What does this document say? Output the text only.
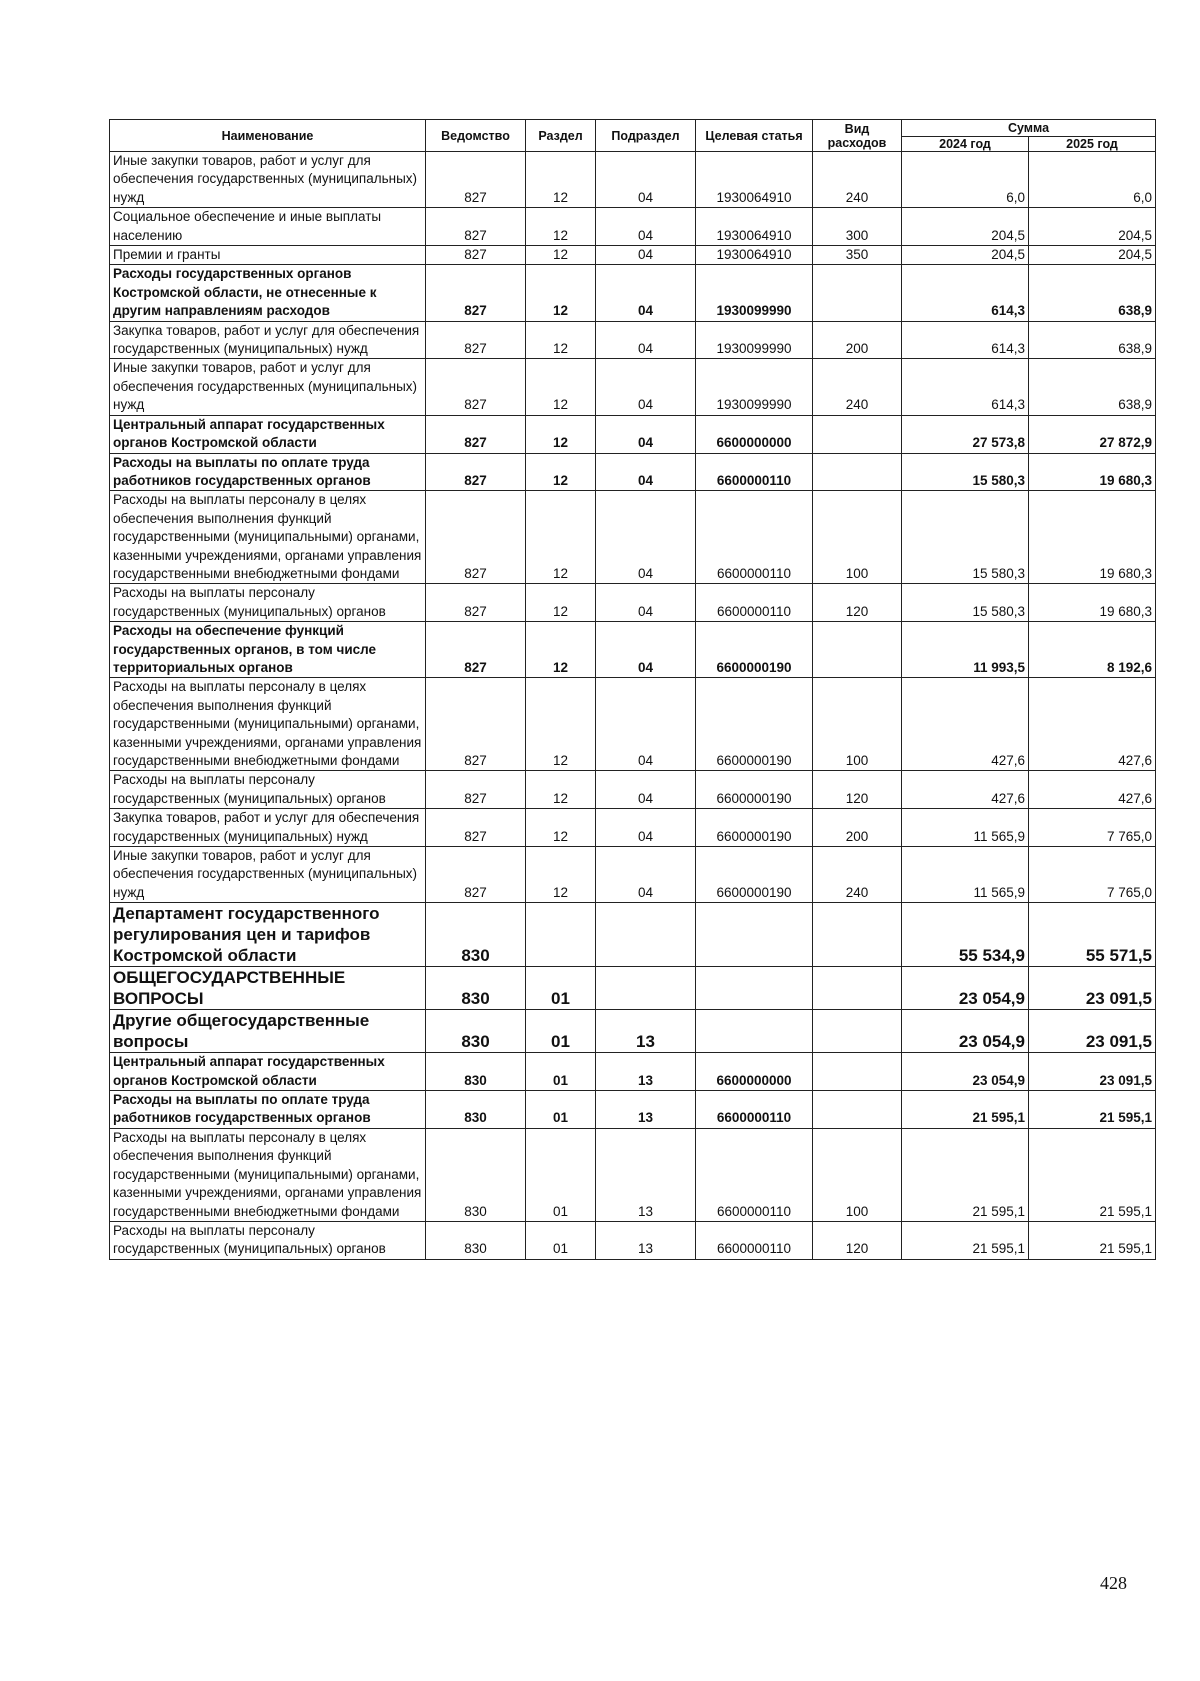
Наименование	Ведомство	Раздел	Подраздел	Целевая статья	Вид расходов	Сумма	
						2024 год	2025 год
Иные закупки товаров, работ и услуг для обеспечения государственных (муниципальных) нужд	827	12	04	1930064910	240	6,0	6,0
Социальное обеспечение и иные выплаты населению	827	12	04	1930064910	300	204,5	204,5
Премии и гранты	827	12	04	1930064910	350	204,5	204,5
Расходы государственных органов Костромской области, не отнесенные к другим направлениям расходов	827	12	04	1930099990		614,3	638,9
Закупка товаров, работ и услуг для обеспечения государственных (муниципальных) нужд	827	12	04	1930099990	200	614,3	638,9
Иные закупки товаров, работ и услуг для обеспечения государственных (муниципальных) нужд	827	12	04	1930099990	240	614,3	638,9
Центральный аппарат государственных органов Костромской области	827	12	04	6600000000		27 573,8	27 872,9
Расходы на выплаты по оплате труда работников государственных органов	827	12	04	6600000110		15 580,3	19 680,3
Расходы на выплаты персоналу в целях обеспечения выполнения функций государственными (муниципальными) органами, казенными учреждениями, органами управления государственными внебюджетными фондами	827	12	04	6600000110	100	15 580,3	19 680,3
Расходы на выплаты персоналу государственных (муниципальных) органов	827	12	04	6600000110	120	15 580,3	19 680,3
Расходы на обеспечение функций государственных органов, в том числе территориальных органов	827	12	04	6600000190		11 993,5	8 192,6
Расходы на выплаты персоналу в целях обеспечения выполнения функций государственными (муниципальными) органами, казенными учреждениями, органами управления государственными внебюджетными фондами	827	12	04	6600000190	100	427,6	427,6
Расходы на выплаты персоналу государственных (муниципальных) органов	827	12	04	6600000190	120	427,6	427,6
Закупка товаров, работ и услуг для обеспечения государственных (муниципальных) нужд	827	12	04	6600000190	200	11 565,9	7 765,0
Иные закупки товаров, работ и услуг для обеспечения государственных (муниципальных) нужд	827	12	04	6600000190	240	11 565,9	7 765,0
Департамент государственного регулирования цен и тарифов Костромской области	830					55 534,9	55 571,5
ОБЩЕГОСУДАРСТВЕННЫЕ ВОПРОСЫ	830	01				23 054,9	23 091,5
Другие общегосударственные вопросы	830	01	13			23 054,9	23 091,5
Центральный аппарат государственных органов Костромской области	830	01	13	6600000000		23 054,9	23 091,5
Расходы на выплаты по оплате труда работников государственных органов	830	01	13	6600000110		21 595,1	21 595,1
Расходы на выплаты персоналу в целях обеспечения выполнения функций государственными (муниципальными) органами, казенными учреждениями, органами управления государственными внебюджетными фондами	830	01	13	6600000110	100	21 595,1	21 595,1
Расходы на выплаты персоналу государственных (муниципальных) органов	830	01	13	6600000110	120	21 595,1	21 595,1
428
